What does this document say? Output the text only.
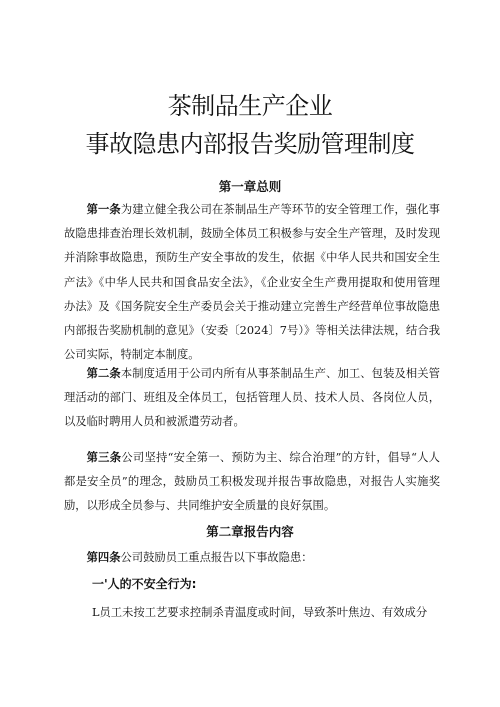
茶制品生产企业
事故隐患内部报告奖励管理制度
第一章总则
第一条为建立健全我公司在茶制品生产等环节的安全管理工作，强化事故隐患排查治理长效机制，鼓励全体员工积极参与安全生产管理，及时发现并消除事故隐患，预防生产安全事故的发生，依据《中华人民共和国安全生产法》《中华人民共和国食品安全法》，《企业安全生产费用提取和使用管理办法》及《国务院安全生产委员会关于推动建立完善生产经营单位事故隐患内部报告奖励机制的意见》（安委〔2024〕7号）》等相关法律法规，结合我公司实际，特制定本制度。
第二条本制度适用于公司内所有从事茶制品生产、加工、包装及相关管理活动的部门、班组及全体员工，包括管理人员、技术人员、各岗位人员，以及临时聘用人员和被派遣劳动者。
第三条公司坚持“安全第一、预防为主、综合治理”的方针，倡导“人人都是安全员”的理念，鼓励员工积极发现并报告事故隐患，对报告人实施奖励，以形成全员参与、共同维护安全质量的良好氛围。
第二章报告内容
第四条公司鼓励员工重点报告以下事故隐患：
一'人的不安全行为:
L员工未按工艺要求控制杀青温度或时间，导致茶叶焦边、有效成分
